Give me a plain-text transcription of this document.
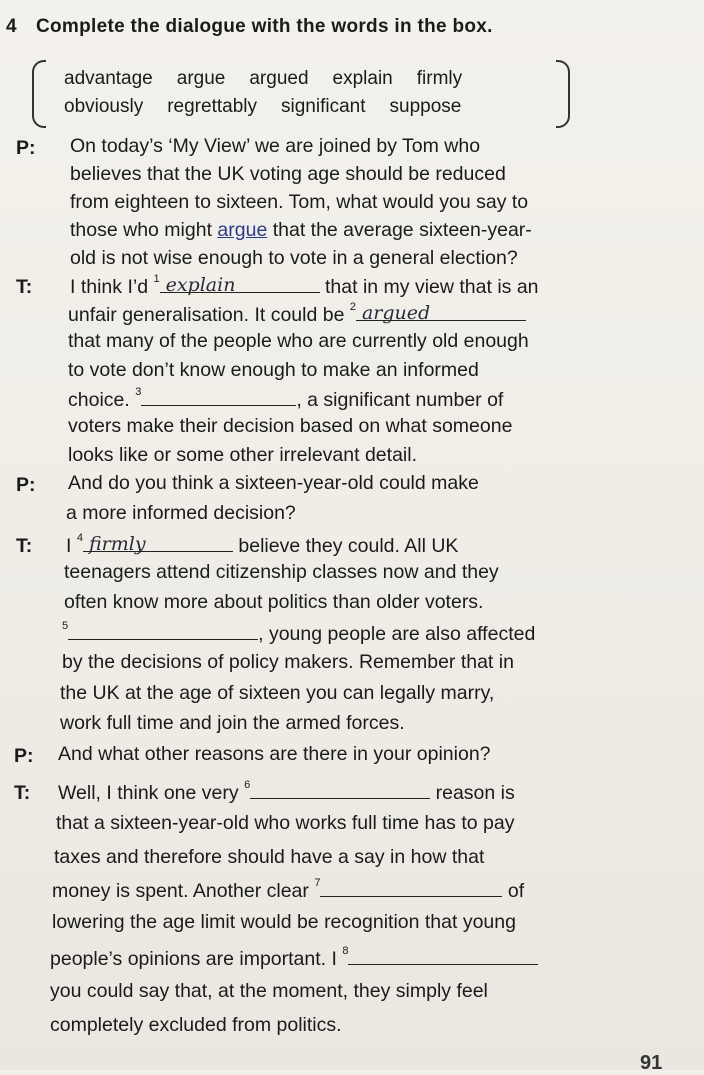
4 Complete the dialogue with the words in the box.
advantage argue argued explain firmly
obviously regrettably significant suppose
P: On today’s ‘My View’ we are joined by Tom who
believes that the UK voting age should be reduced
from eighteen to sixteen. Tom, what would you say to
those who might argue that the average sixteen-year-
old is not wise enough to vote in a general election?
T: I think I’d $^1$ explain	that in my view that is an
unfair generalisation. It could be $^2$ argued
that many of the people who are currently old enough
to vote don’t know enough to make an informed
choice. $^3$	, a significant number of
voters make their decision based on what someone
looks like or some other irrelevant detail.
P: And do you think a sixteen-year-old could make
a more informed decision?
T: I $^4$ firmly	believe they could. All UK
teenagers attend citizenship classes now and they
often know more about politics than older voters.
$^5$	, young people are also affected
by the decisions of policy makers. Remember that in
the UK at the age of sixteen you can legally marry,
work full time and join the armed forces.
P: And what other reasons are there in your opinion?
T: Well, I think one very $^6$	reason is
that a sixteen-year-old who works full time has to pay
taxes and therefore should have a say in how that
money is spent. Another clear $^7$	of
lowering the age limit would be recognition that young
people’s opinions are important. I $^8$
you could say that, at the moment, they simply feel
completely excluded from politics.
91
